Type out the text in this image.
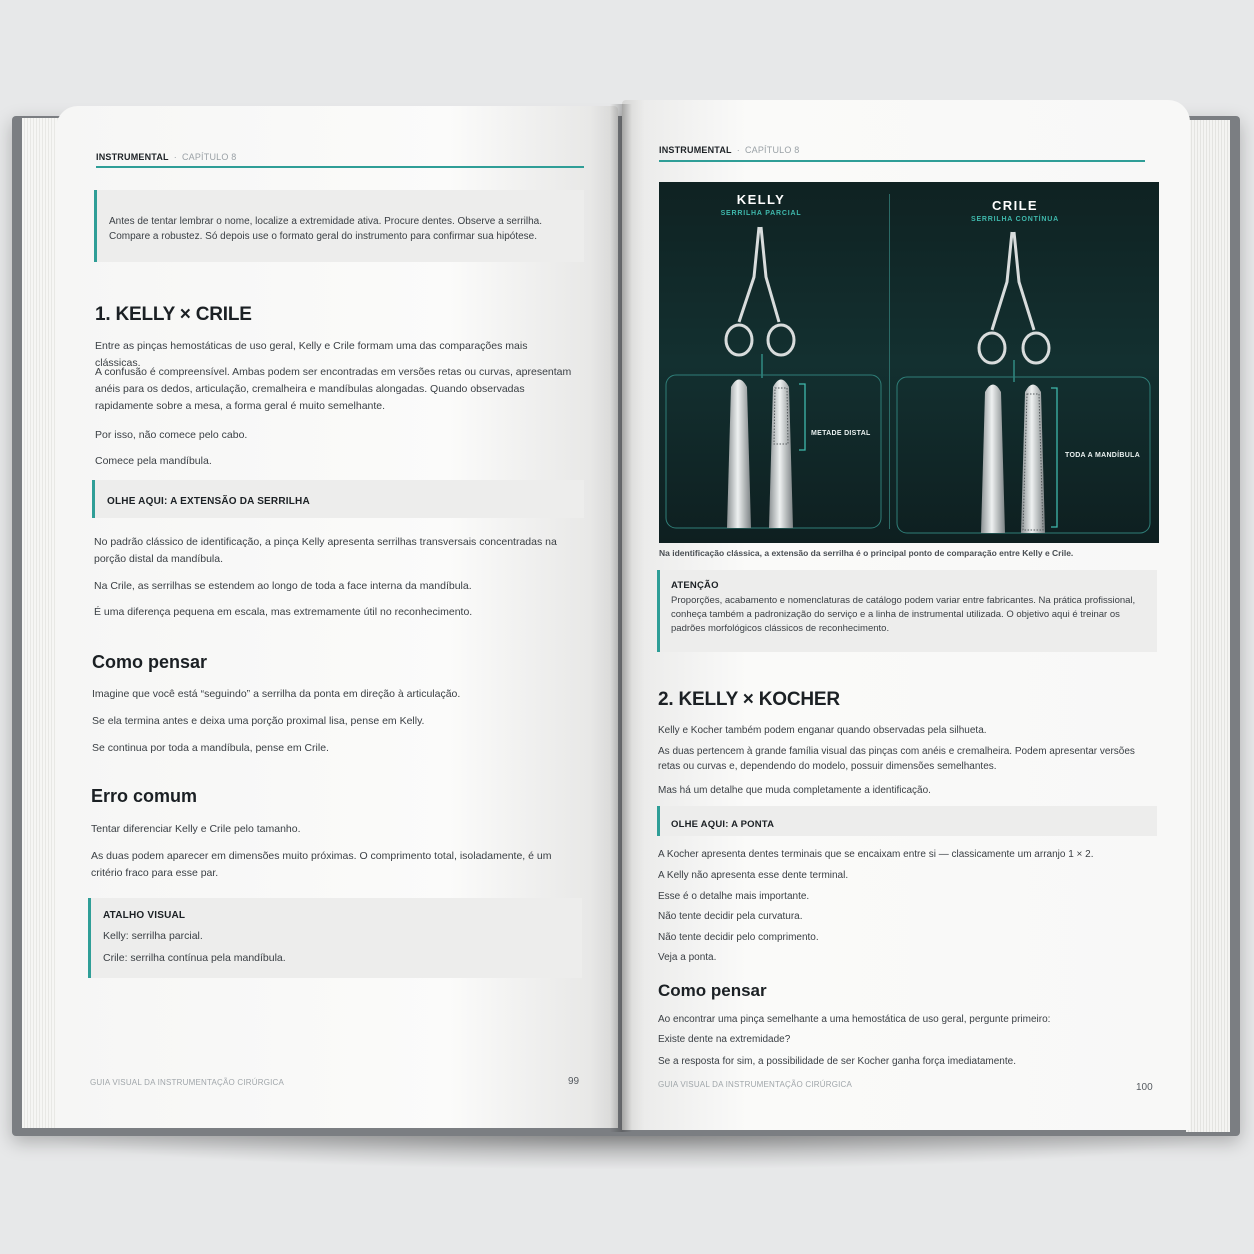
INSTRUMENTAL · CAPÍTULO 8

Antes de tentar lembrar o nome, localize a extremidade ativa. Procure dentes. Observe a serrilha. Compare a robustez. Só depois use o formato geral do instrumento para confirmar sua hipótese.

1. KELLY × CRILE

Entre as pinças hemostáticas de uso geral, Kelly e Crile formam uma das comparações mais clássicas.

A confusão é compreensível. Ambas podem ser encontradas em versões retas ou curvas, apresentam anéis para os dedos, articulação, cremalheira e mandíbulas alongadas. Quando observadas rapidamente sobre a mesa, a forma geral é muito semelhante.

Por isso, não comece pelo cabo.

Comece pela mandíbula.

OLHE AQUI: A EXTENSÃO DA SERRILHA

No padrão clássico de identificação, a pinça Kelly apresenta serrilhas transversais concentradas na porção distal da mandíbula.

Na Crile, as serrilhas se estendem ao longo de toda a face interna da mandíbula.

É uma diferença pequena em escala, mas extremamente útil no reconhecimento.

Como pensar

Imagine que você está “seguindo” a serrilha da ponta em direção à articulação.

Se ela termina antes e deixa uma porção proximal lisa, pense em Kelly.

Se continua por toda a mandíbula, pense em Crile.

Erro comum

Tentar diferenciar Kelly e Crile pelo tamanho.

As duas podem aparecer em dimensões muito próximas. O comprimento total, isoladamente, é um critério fraco para esse par.

ATALHO VISUAL

Kelly: serrilha parcial.

Crile: serrilha contínua pela mandíbula.

GUIA VISUAL DA INSTRUMENTAÇÃO CIRÚRGICA	99
INSTRUMENTAL · CAPÍTULO 8
KELLY
SERRILHA PARCIAL
CRILE
SERRILHA CONTÍNUA
METADE DISTAL
TODA A MANDÍBULA
Na identificação clássica, a extensão da serrilha é o principal ponto de comparação entre Kelly e Crile.
ATENÇÃO

Proporções, acabamento e nomenclaturas de catálogo podem variar entre fabricantes. Na prática profissional, conheça também a padronização do serviço e a linha de instrumental utilizada. O objetivo aqui é treinar os padrões morfológicos clássicos de reconhecimento.

2. KELLY × KOCHER

Kelly e Kocher também podem enganar quando observadas pela silhueta.

As duas pertencem à grande família visual das pinças com anéis e cremalheira. Podem apresentar versões retas ou curvas e, dependendo do modelo, possuir dimensões semelhantes.

Mas há um detalhe que muda completamente a identificação.

OLHE AQUI: A PONTA

A Kocher apresenta dentes terminais que se encaixam entre si — classicamente um arranjo 1 × 2.

A Kelly não apresenta esse dente terminal.

Esse é o detalhe mais importante.

Não tente decidir pela curvatura.

Não tente decidir pelo comprimento.

Veja a ponta.

Como pensar

Ao encontrar uma pinça semelhante a uma hemostática de uso geral, pergunte primeiro:

Existe dente na extremidade?

Se a resposta for sim, a possibilidade de ser Kocher ganha força imediatamente.

GUIA VISUAL DA INSTRUMENTAÇÃO CIRÚRGICA	100
